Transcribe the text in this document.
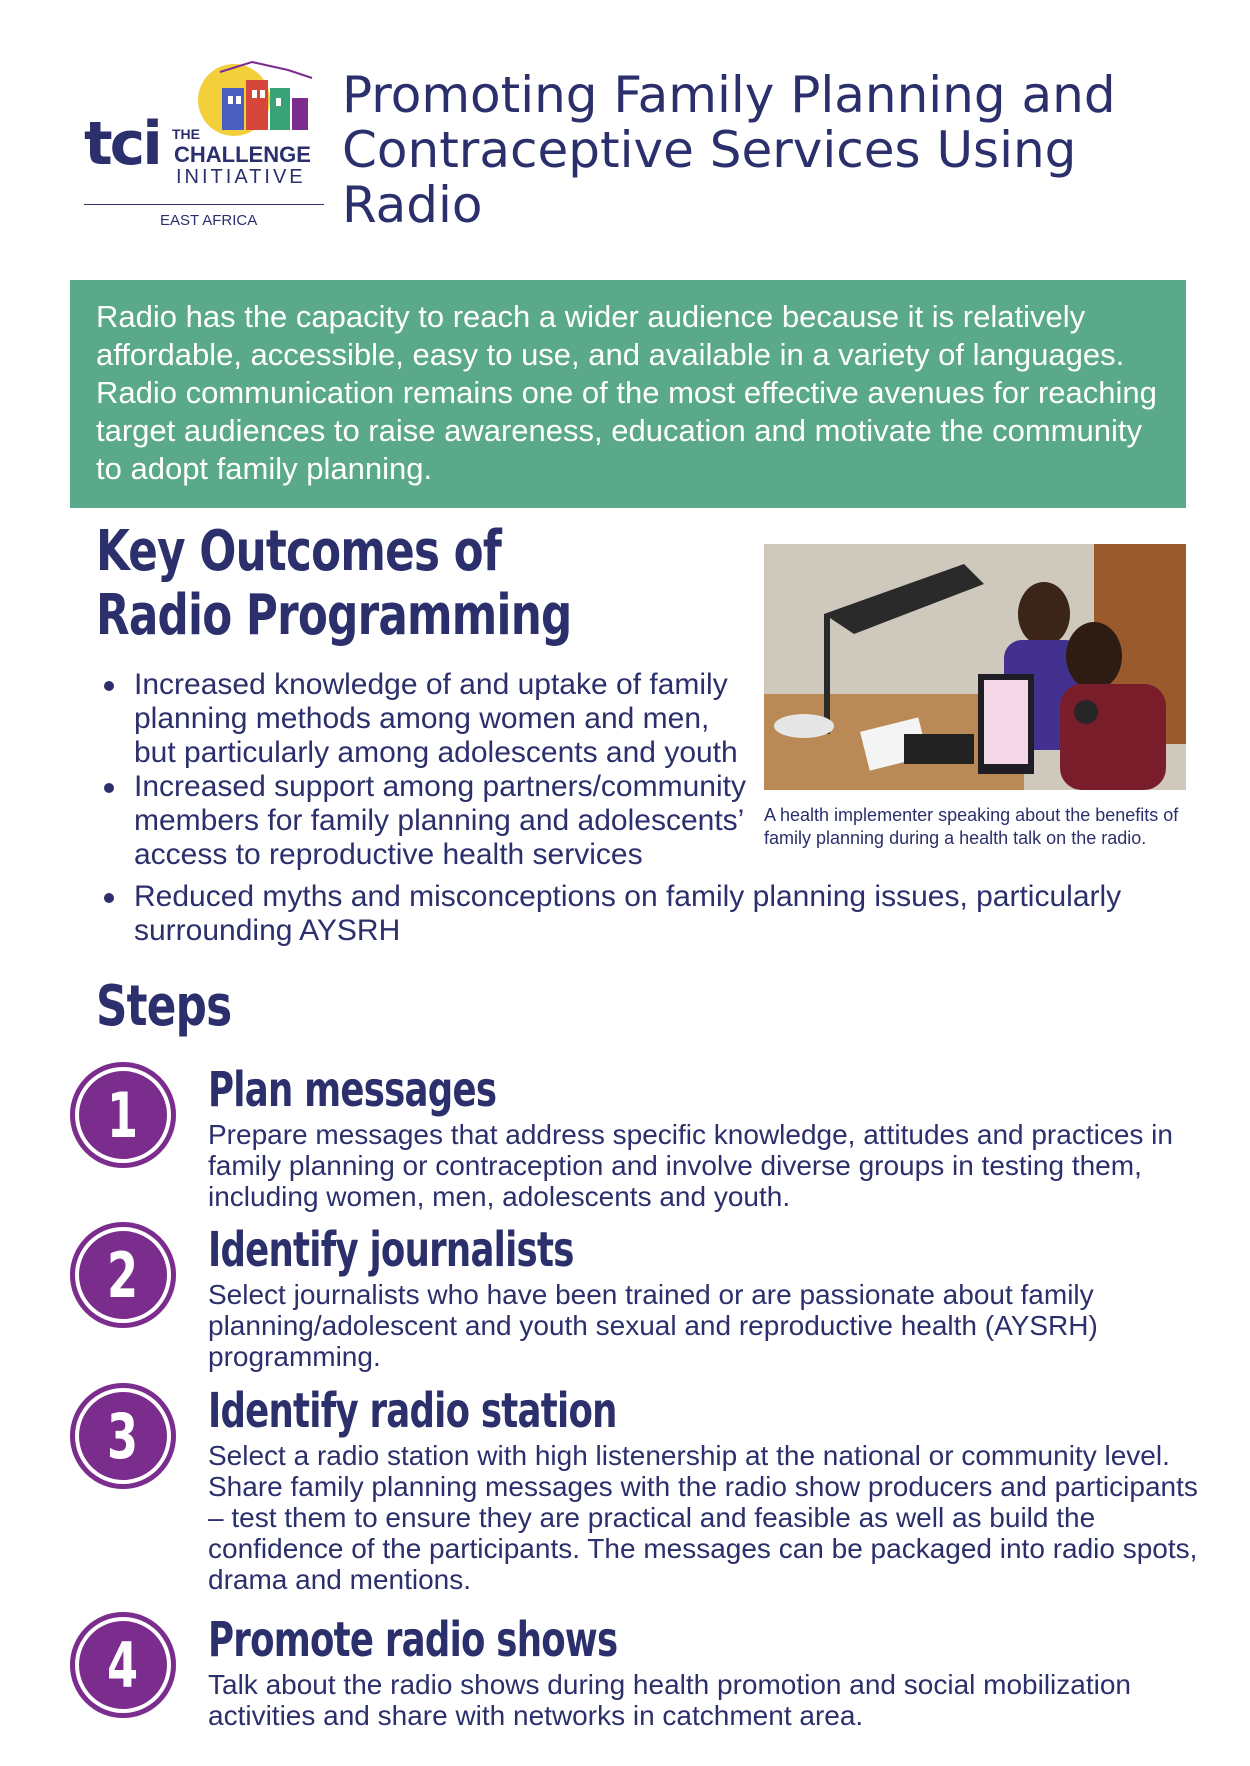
tci THE
CHALLENGE
INITIATIVE
EAST AFRICA
Promoting Family Planning and Contraceptive Services Using Radio
Radio has the capacity to reach a wider audience because it is relatively affordable, accessible, easy to use, and available in a variety of languages. Radio communication remains one of the most effective avenues for reaching target audiences to raise awareness, education and motivate the community to adopt family planning.
Key Outcomes of Radio Programming
Increased knowledge of and uptake of family planning methods among women and men, but particularly among adolescents and youth
Increased support among partners/community members for family planning and adolescents’ access to reproductive health services
Reduced myths and misconceptions on family planning issues, particularly surrounding AYSRH
A health implementer speaking about the benefits of family planning during a health talk on the radio.
Steps
1 Plan messages

Prepare messages that address specific knowledge, attitudes and practices in family planning or contraception and involve diverse groups in testing them, including women, men, adolescents and youth.

2 Identify journalists

Select journalists who have been trained or are passionate about family planning/adolescent and youth sexual and reproductive health (AYSRH) programming.

3 Identify radio station

Select a radio station with high listenership at the national or community level. Share family planning messages with the radio show producers and participants – test them to ensure they are practical and feasible as well as build the confidence of the participants. The messages can be packaged into radio spots, drama and mentions.

4 Promote radio shows

Talk about the radio shows during health promotion and social mobilization activities and share with networks in catchment area.
